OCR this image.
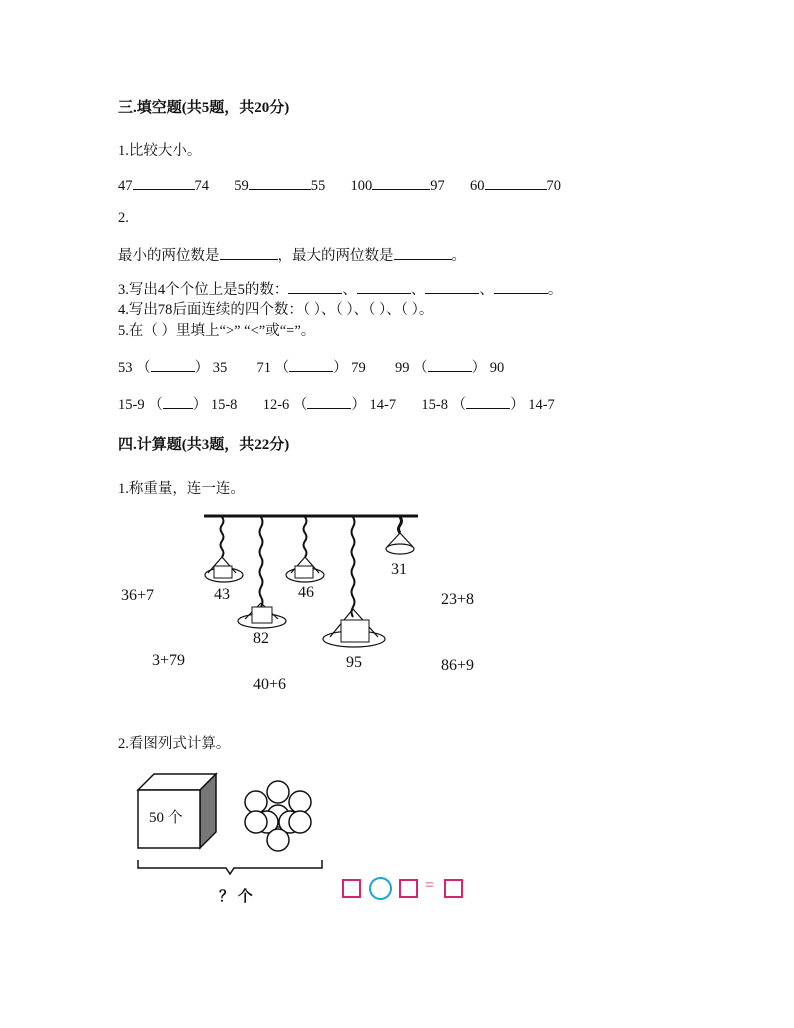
三.填空题(共5题，共20分)
1.比较大小。
47	74 59	55 100	97 60	70
2.
最小的两位数是	，最大的两位数是	。
3.写出4个个位上是5的数：	、	、	、	。
4.写出78后面连续的四个数：（ ）、（ ）、（ ）、（ ）。
5.在（ ）里填上“>” “<”或“=”。
53 （	） 35 71 （	） 79 99 （	） 90
15-9 （ ） 15-8 12-6 （	） 14-7 15-8 （	） 14-7
四.计算题(共3题，共22分)
1.称重量，连一连。
43	46
31
82
95
36+7	23+8
3+79	86+9
40+6
2.看图列式计算。
50 个
？ 个
=
